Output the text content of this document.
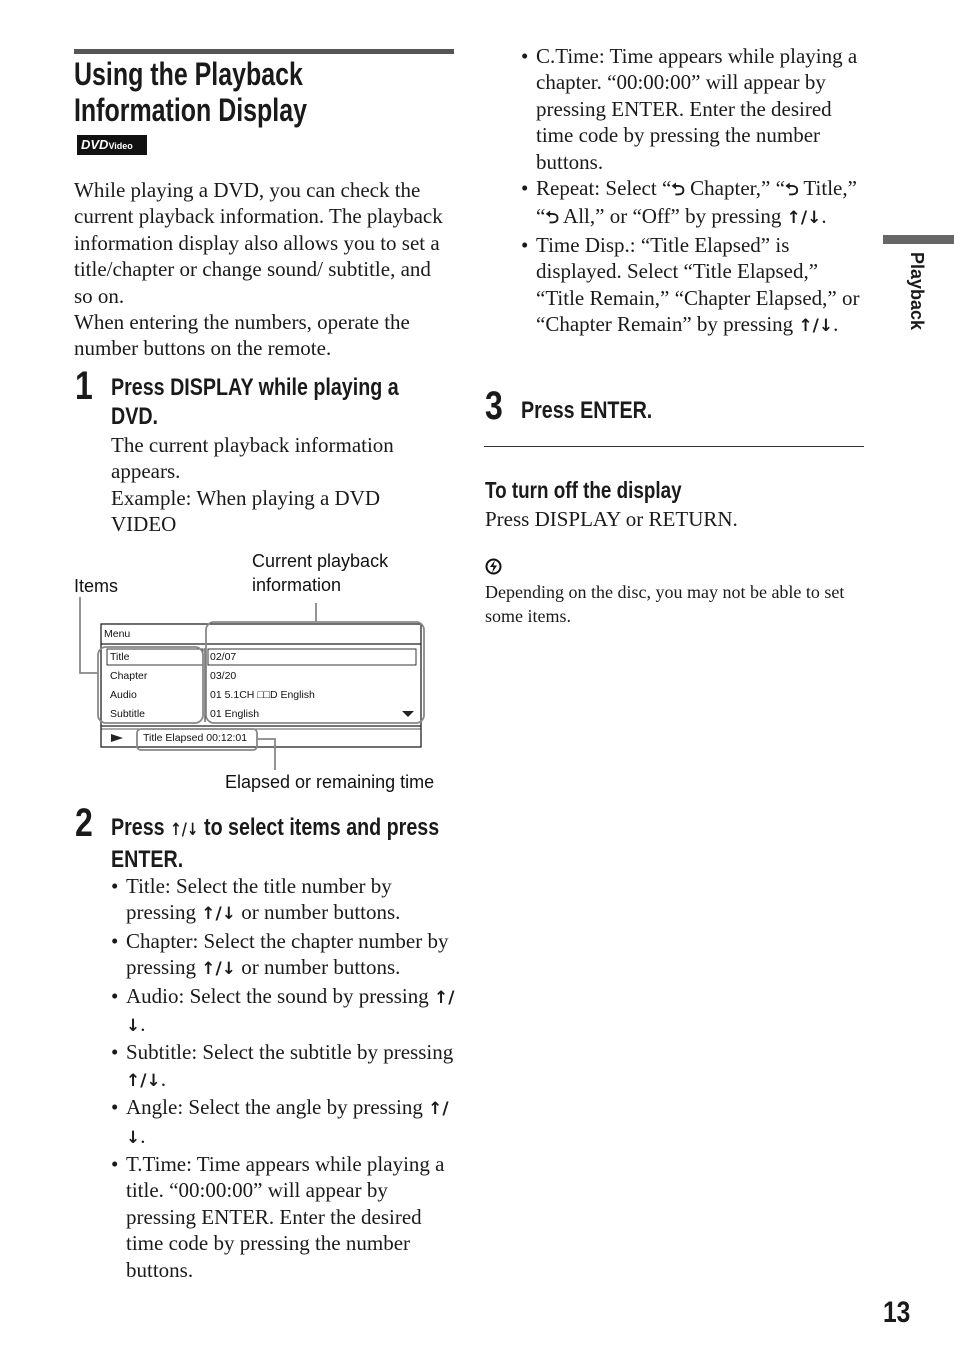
Using the Playback
Information Display
DVDVideo
While playing a DVD, you can check the current playback information. The playback information display also allows you to set a title/chapter or change sound/ subtitle, and so on.
When entering the numbers, operate the number buttons on the remote.
1 Press DISPLAY while playing a
DVD.
The current playback information appears.
Example: When playing a DVD VIDEO
Items
Current playback
information
Elapsed or remaining time
Menu
Title
Chapter
Audio
Subtitle
02/07
03/20
01 5.1CH □□D English
01 English
Title Elapsed 00:12:01
2 Press ↑/↓ to select items and press
ENTER.
• Title: Select the title number by pressing ↑/↓ or number buttons.
• Chapter: Select the chapter number by pressing ↑/↓ or number buttons.
• Audio: Select the sound by pressing ↑/↓.
• Subtitle: Select the subtitle by pressing ↑/↓.
• Angle: Select the angle by pressing ↑/↓.
• T.Time: Time appears while playing a title. “00:00:00” will appear by pressing ENTER. Enter the desired time code by pressing the number buttons.
• C.Time: Time appears while playing a chapter. “00:00:00” will appear by pressing ENTER. Enter the desired time code by pressing the number buttons.
• Repeat: Select “⮌ Chapter,” “⮌ Title,” “⮌ All,” or “Off” by pressing ↑/↓.
• Time Disp.: “Title Elapsed” is displayed. Select “Title Elapsed,” “Title Remain,” “Chapter Elapsed,” or “Chapter Remain” by pressing ↑/↓.
3 Press ENTER.
To turn off the display
Press DISPLAY or RETURN.
Depending on the disc, you may not be able to set some items.
Playback
13
